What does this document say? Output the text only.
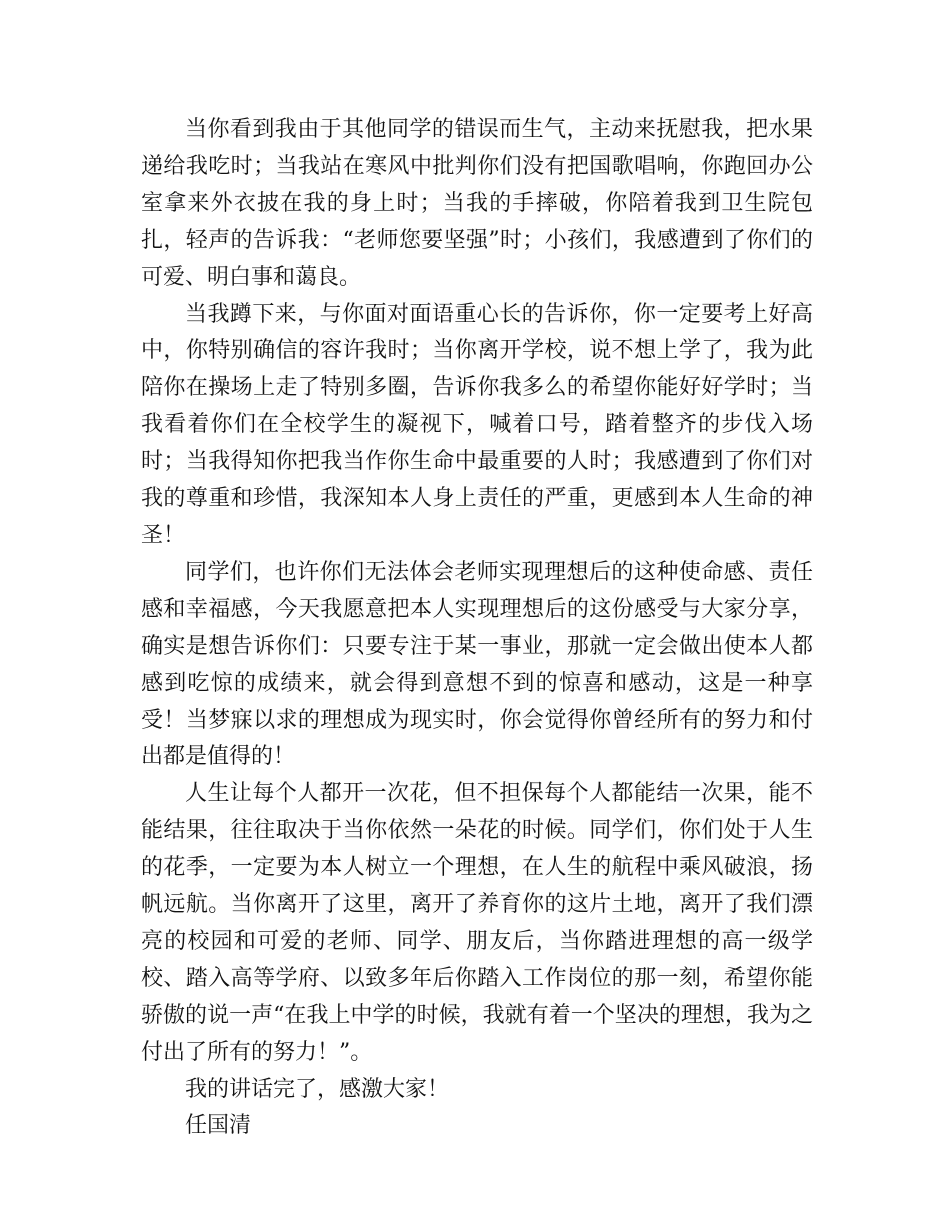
当你看到我由于其他同学的错误而生气，主动来抚慰我，把水果递给我吃时；当我站在寒风中批判你们没有把国歌唱响，你跑回办公室拿来外衣披在我的身上时；当我的手摔破，你陪着我到卫生院包扎，轻声的告诉我：“老师您要坚强”时；小孩们，我感遭到了你们的可爱、明白事和蔼良。

当我蹲下来，与你面对面语重心长的告诉你，你一定要考上好高中，你特别确信的容许我时；当你离开学校，说不想上学了，我为此陪你在操场上走了特别多圈，告诉你我多么的希望你能好好学时；当我看着你们在全校学生的凝视下，喊着口号，踏着整齐的步伐入场时；当我得知你把我当作你生命中最重要的人时；我感遭到了你们对我的尊重和珍惜，我深知本人身上责任的严重，更感到本人生命的神圣！

同学们，也许你们无法体会老师实现理想后的这种使命感、责任感和幸福感，今天我愿意把本人实现理想后的这份感受与大家分享，确实是想告诉你们：只要专注于某一事业，那就一定会做出使本人都感到吃惊的成绩来，就会得到意想不到的惊喜和感动，这是一种享受！当梦寐以求的理想成为现实时，你会觉得你曾经所有的努力和付出都是值得的！

人生让每个人都开一次花，但不担保每个人都能结一次果，能不能结果，往往取决于当你依然一朵花的时候。同学们，你们处于人生的花季，一定要为本人树立一个理想，在人生的航程中乘风破浪，扬帆远航。当你离开了这里，离开了养育你的这片土地，离开了我们漂亮的校园和可爱的老师、同学、朋友后，当你踏进理想的高一级学校、踏入高等学府、以致多年后你踏入工作岗位的那一刻，希望你能骄傲的说一声“在我上中学的时候，我就有着一个坚决的理想，我为之付出了所有的努力！”。

我的讲话完了，感激大家！

任国清
